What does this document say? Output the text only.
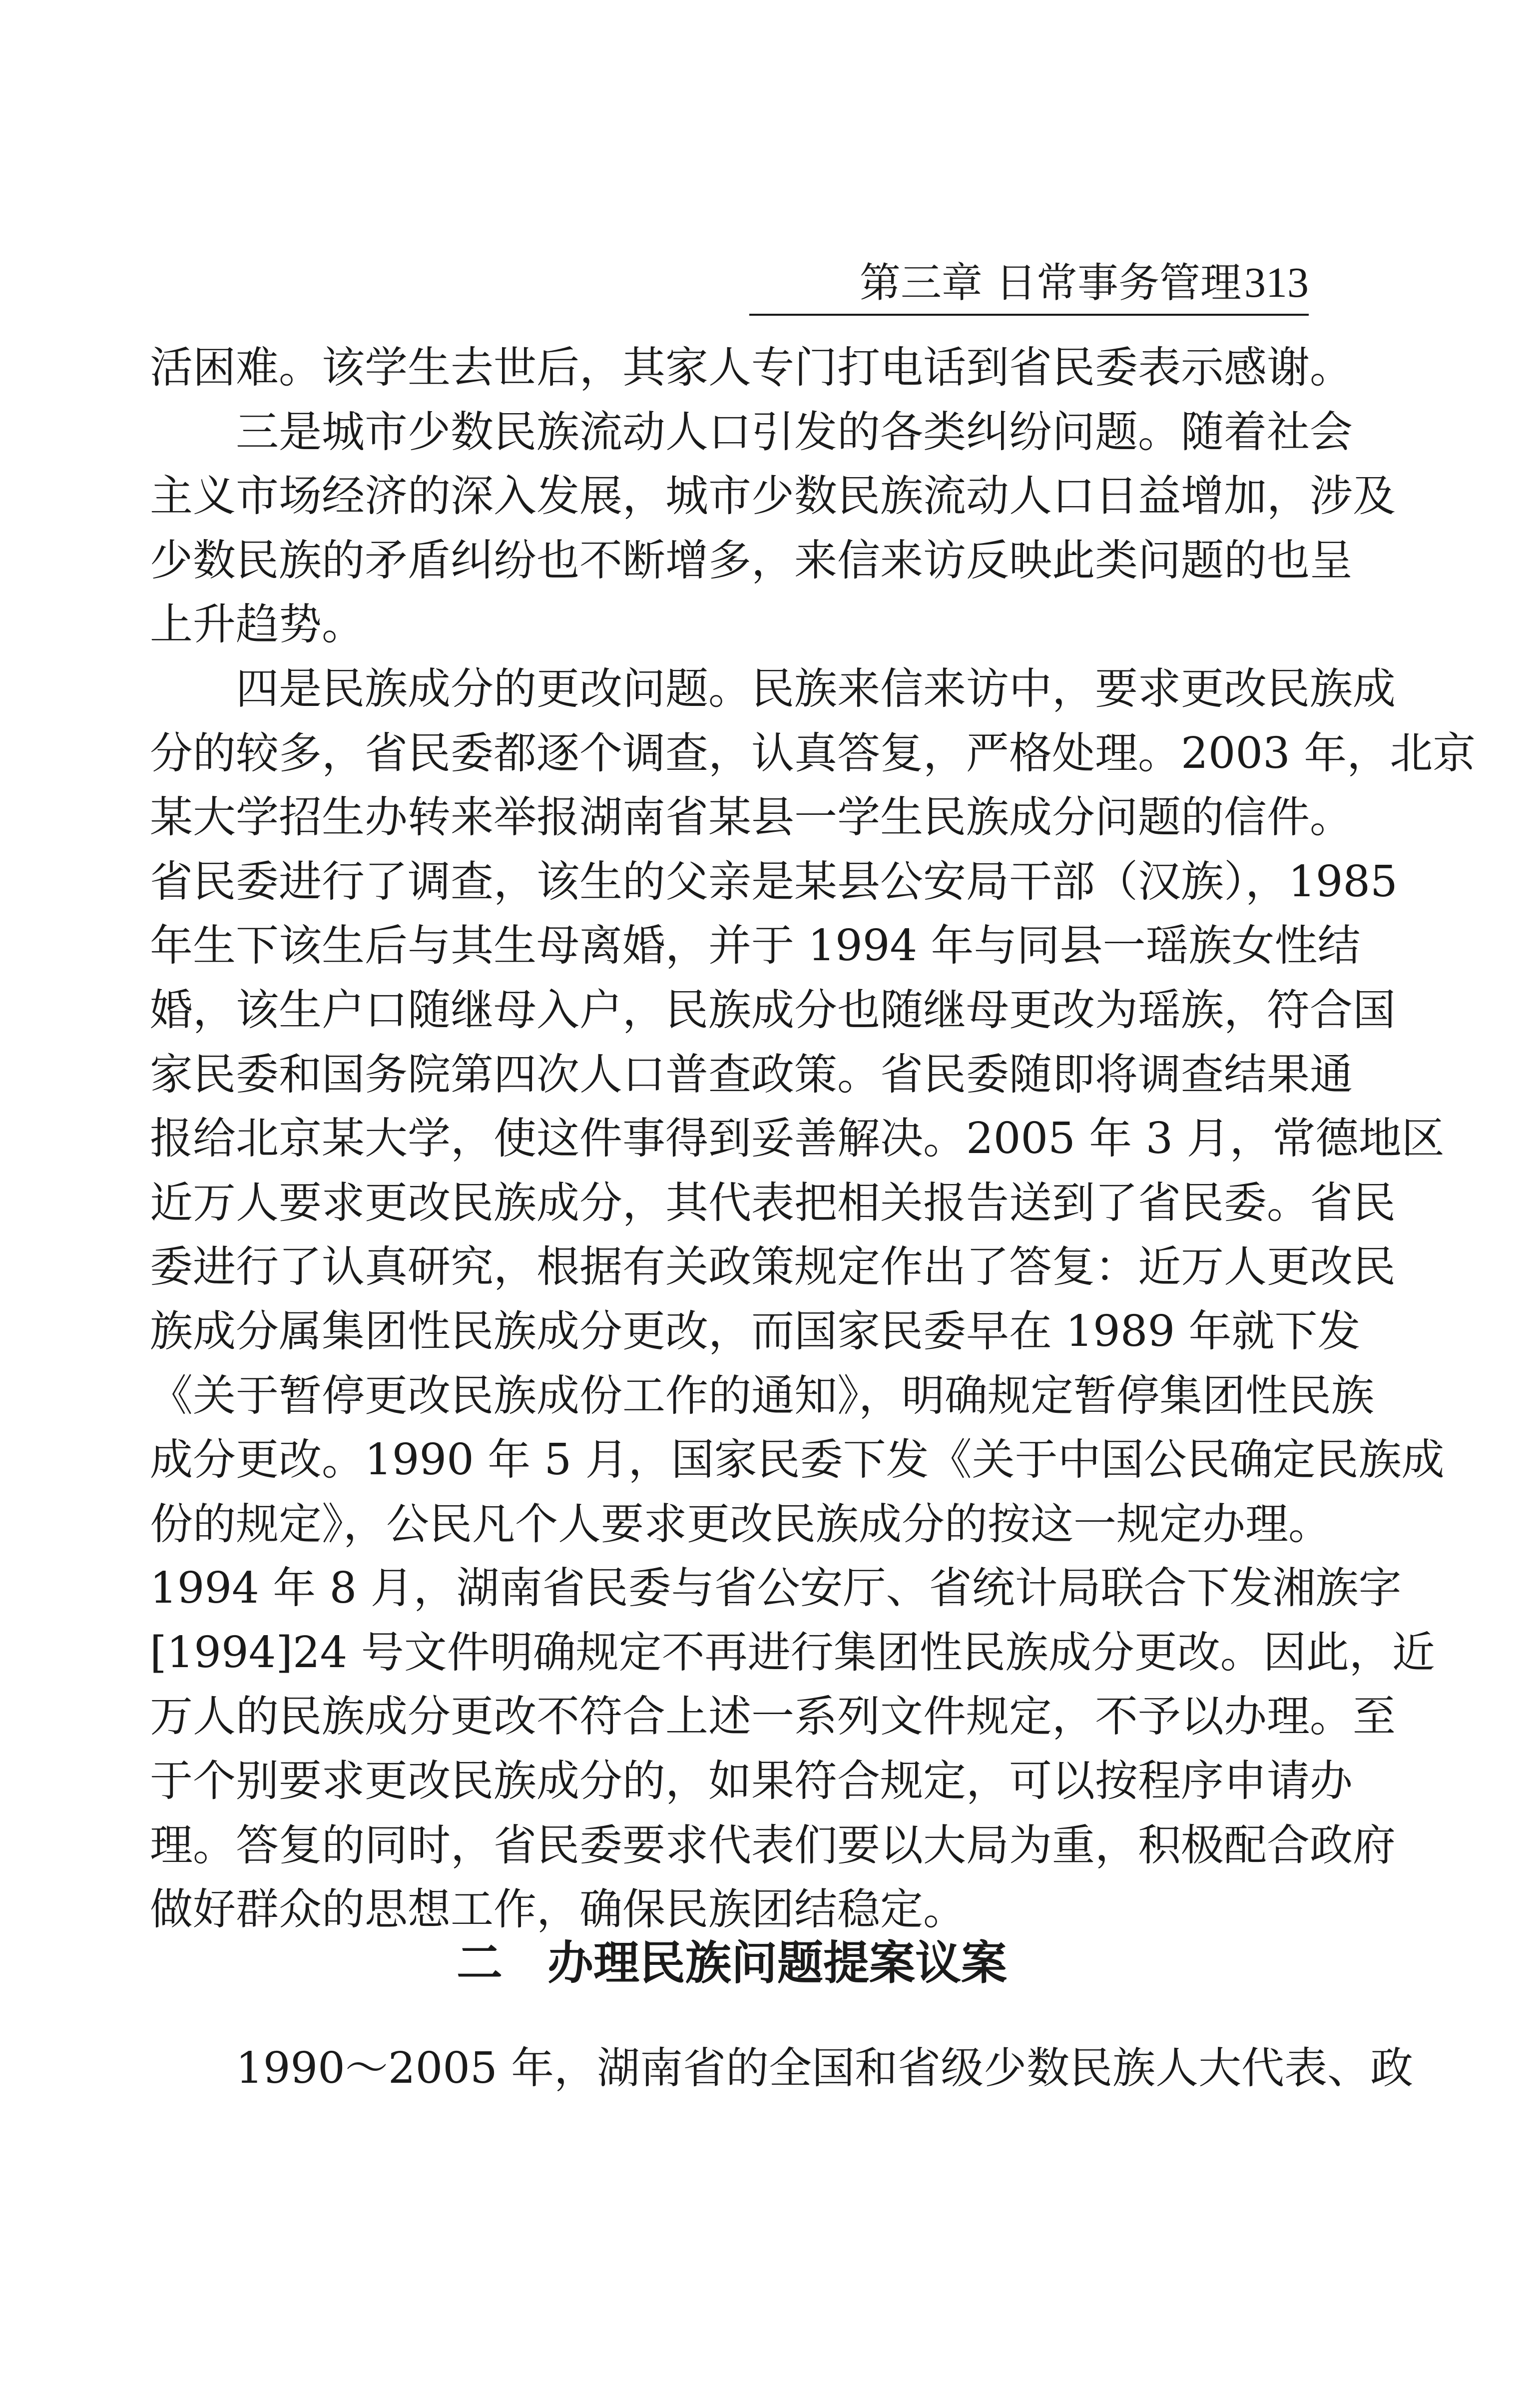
第三章 日常事务管理313
活困难。该学生去世后，其家人专门打电话到省民委表示感谢。
三是城市少数民族流动人口引发的各类纠纷问题。随着社会
主义市场经济的深入发展，城市少数民族流动人口日益增加，涉及
少数民族的矛盾纠纷也不断增多，来信来访反映此类问题的也呈
上升趋势。
四是民族成分的更改问题。民族来信来访中，要求更改民族成
分的较多，省民委都逐个调查，认真答复，严格处理。2003 年，北京
某大学招生办转来举报湖南省某县一学生民族成分问题的信件。
省民委进行了调查，该生的父亲是某县公安局干部（汉族），1985
年生下该生后与其生母离婚，并于 1994 年与同县一瑶族女性结
婚，该生户口随继母入户，民族成分也随继母更改为瑶族，符合国
家民委和国务院第四次人口普查政策。省民委随即将调查结果通
报给北京某大学，使这件事得到妥善解决。2005 年 3 月，常德地区
近万人要求更改民族成分，其代表把相关报告送到了省民委。省民
委进行了认真研究，根据有关政策规定作出了答复：近万人更改民
族成分属集团性民族成分更改，而国家民委早在 1989 年就下发
《关于暂停更改民族成份工作的通知》，明确规定暂停集团性民族
成分更改。1990 年 5 月，国家民委下发《关于中国公民确定民族成
份的规定》，公民凡个人要求更改民族成分的按这一规定办理。
1994 年 8 月，湖南省民委与省公安厅、省统计局联合下发湘族字
[1994]24 号文件明确规定不再进行集团性民族成分更改。因此，近
万人的民族成分更改不符合上述一系列文件规定，不予以办理。至
于个别要求更改民族成分的，如果符合规定，可以按程序申请办
理。答复的同时，省民委要求代表们要以大局为重，积极配合政府
做好群众的思想工作，确保民族团结稳定。
二 办理民族问题提案议案
1990～2005 年，湖南省的全国和省级少数民族人大代表、政
